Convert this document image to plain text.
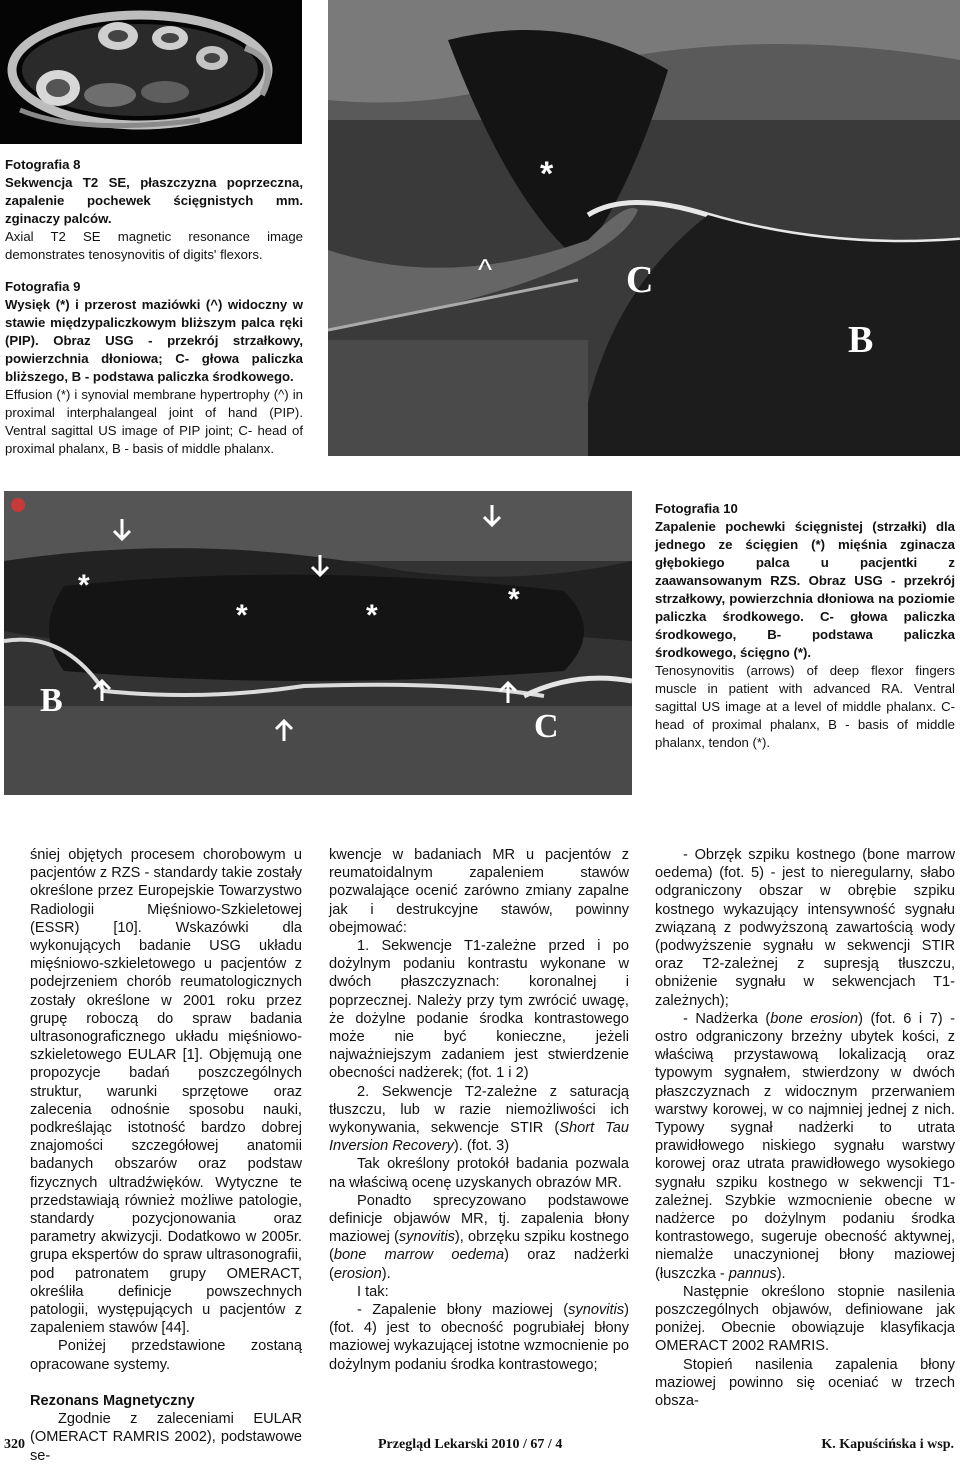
*
^	C
B
*
*	*	*
B
C

Fotografia 8

Sekwencja T2 SE, płaszczyzna poprzeczna, zapalenie pochewek ścięgnistych mm. zginaczy palców.

Axial T2 SE magnetic resonance image demonstrates tenosynovitis of digits' flexors.

Fotografia 9

Wysięk (*) i przerost maziówki (^) widoczny w stawie międzypaliczkowym bliższym palca ręki (PIP). Obraz USG - przekrój strzałkowy, powierzchnia dłoniowa; C- głowa paliczka bliższego, B - podstawa paliczka środkowego.

Effusion (*) i synovial membrane hypertrophy (^) in proximal interphalangeal joint of hand (PIP). Ventral sagittal US image of PIP joint; C- head of proximal phalanx, B - basis of middle phalanx.

Fotografia 10

Zapalenie pochewki ścięgnistej (strzałki) dla jednego ze ścięgien (*) mięśnia zginacza głębokiego palca u pacjentki z zaawansowanym RZS. Obraz USG - przekrój strzałkowy, powierzchnia dłoniowa na poziomie paliczka środkowego. C- głowa paliczka środkowego, B- podstawa paliczka środkowego, ścięgno (*).

Tenosynovitis (arrows) of deep flexor fingers muscle in patient with advanced RA. Ventral sagittal US image at a level of middle phalanx. C- head of proximal phalanx, B - basis of middle phalanx, tendon (*).

śniej objętych procesem chorobowym u pacjentów z RZS - standardy takie zostały określone przez Europejskie Towarzystwo Radiologii Mięśniowo-Szkieletowej (ESSR) [10]. Wskazówki dla wykonujących badanie USG układu mięśniowo-szkieletowego u pacjentów z podejrzeniem chorób reumatologicznych zostały określone w 2001 roku przez grupę roboczą do spraw badania ultrasonograficznego układu mięśniowo-szkieletowego EULAR [1]. Objęmują one propozycje badań poszczególnych struktur, warunki sprzętowe oraz zalecenia odnośnie sposobu nauki, podkreślając istotność bardzo dobrej znajomości szczegółowej anatomii badanych obszarów oraz podstaw fizycznych ultradźwięków. Wytyczne te przedstawiają również możliwe patologie, standardy pozycjonowania oraz parametry akwizycji. Dodatkowo w 2005r. grupa ekspertów do spraw ultrasonografii, pod patronatem grupy OMERACT, określiła definicje powszechnych patologii, występujących u pacjentów z zapaleniem stawów [44].

Poniżej przedstawione zostaną opracowane systemy.

Rezonans Magnetyczny

Zgodnie z zaleceniami EULAR (OMERACT RAMRIS 2002), podstawowe se-

kwencje w badaniach MR u pacjentów z reumatoidalnym zapaleniem stawów pozwalające ocenić zarówno zmiany zapalne jak i destrukcyjne stawów, powinny obejmować:

1. Sekwencje T1-zależne przed i po dożylnym podaniu kontrastu wykonane w dwóch płaszczyznach: koronalnej i poprzecznej. Należy przy tym zwrócić uwagę, że dożylne podanie środka kontrastowego może nie być konieczne, jeżeli najważniejszym zadaniem jest stwierdzenie obecności nadżerek; (fot. 1 i 2)

2. Sekwencje T2-zależne z saturacją tłuszczu, lub w razie niemożliwości ich wykonywania, sekwencje STIR (Short Tau Inversion Recovery). (fot. 3)

Tak określony protokół badania pozwala na właściwą ocenę uzyskanych obrazów MR.

Ponadto sprecyzowano podstawowe definicje objawów MR, tj. zapalenia błony maziowej (synovitis), obrzęku szpiku kostnego (bone marrow oedema) oraz nadżerki (erosion).

I tak:

- Zapalenie błony maziowej (synovitis) (fot. 4) jest to obecność pogrubiałej błony maziowej wykazującej istotne wzmocnienie po dożylnym podaniu środka kontrastowego;

- Obrzęk szpiku kostnego (bone marrow oedema) (fot. 5) - jest to nieregularny, słabo odgraniczony obszar w obrębie szpiku kostnego wykazujący intensywność sygnału związaną z podwyższoną zawartością wody (podwyższenie sygnału w sekwencji STIR oraz T2-zależnej z supresją tłuszczu, obniżenie sygnału w sekwencjach T1-zależnych);

- Nadżerka (bone erosion) (fot. 6 i 7) - ostro odgraniczony brzeżny ubytek kości, z właściwą przystawową lokalizacją oraz typowym sygnałem, stwierdzony w dwóch płaszczyznach z widocznym przerwaniem warstwy korowej, w co najmniej jednej z nich. Typowy sygnał nadżerki to utrata prawidłowego niskiego sygnału warstwy korowej oraz utrata prawidłowego wysokiego sygnału szpiku kostnego w sekwencji T1-zależnej. Szybkie wzmocnienie obecne w nadżerce po dożylnym podaniu środka kontrastowego, sugeruje obecność aktywnej, niemalże unaczynionej błony maziowej (łuszczka - pannus).

Następnie określono stopnie nasilenia poszczególnych objawów, definiowane jak poniżej. Obecnie obowiązuje klasyfikacja OMERACT 2002 RAMRIS.

Stopień nasilenia zapalenia błony maziowej powinno się oceniać w trzech obsza-

320	Przegląd Lekarski 2010 / 67 / 4	K. Kapuścińska i wsp.
